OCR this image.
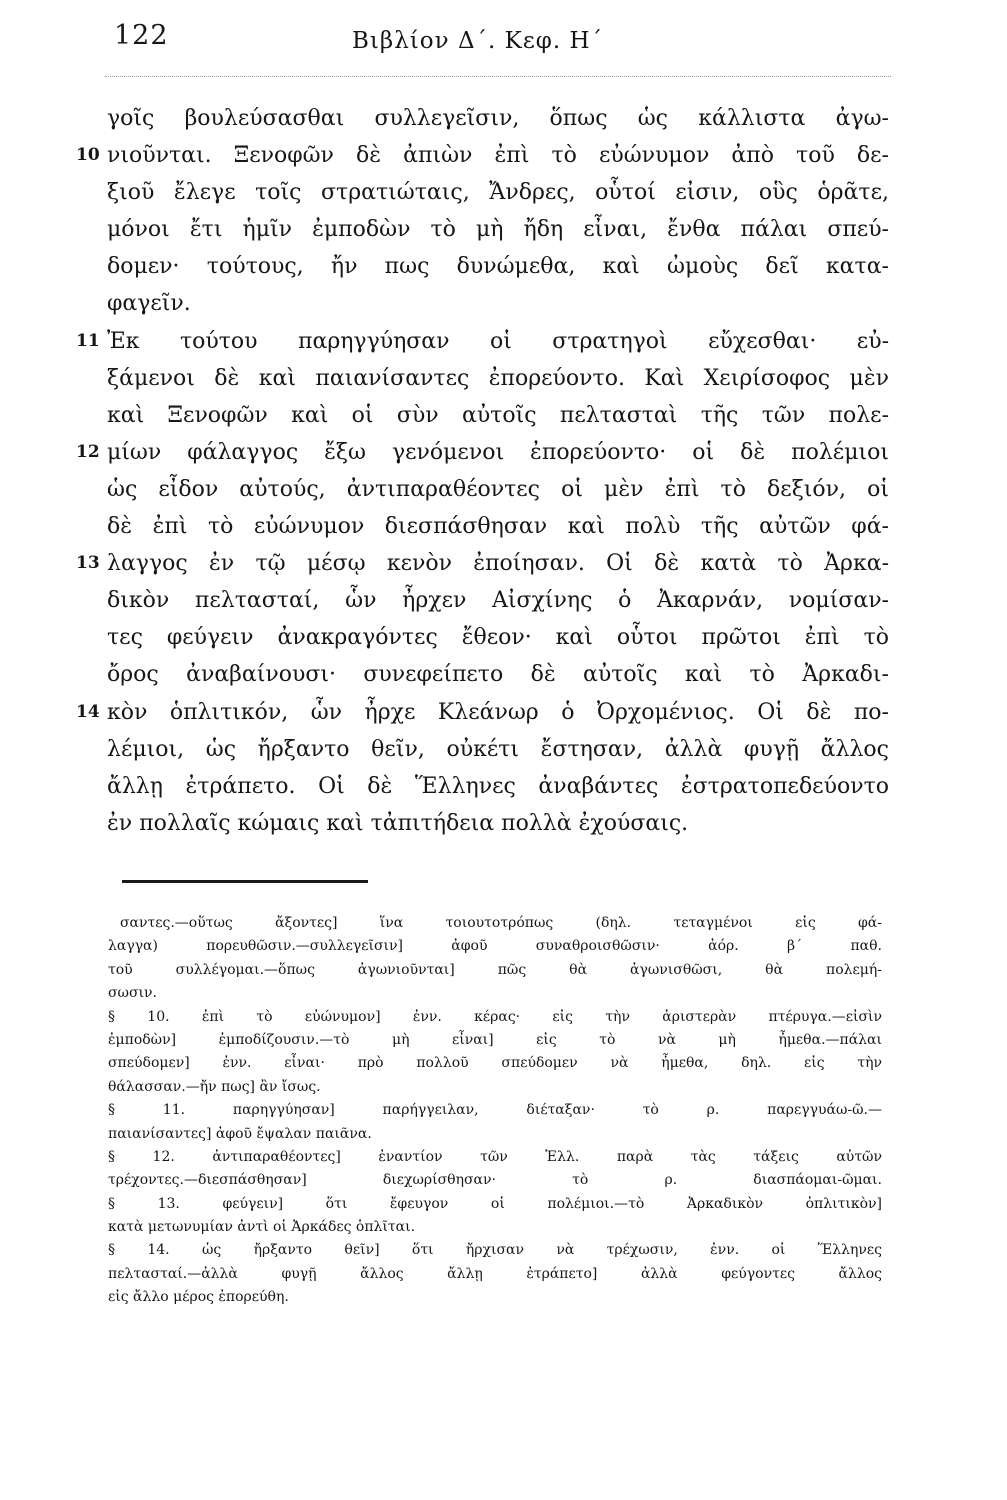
122	Βιβλίον Δ΄. Κεφ. Η΄
γοῖς βουλεύσασθαι συλλεγεῖσιν, ὅπως ὡς κάλλιστα ἀγω-
10 νιοῦνται. Ξενοφῶν δὲ ἀπιὼν ἐπὶ τὸ εὐώνυμον ἀπὸ τοῦ δε-
ξιοῦ ἔλεγε τοῖς στρατιώταις, Ἄνδρες, οὗτοί εἰσιν, οὓς ὁρᾶτε,
μόνοι ἔτι ἡμῖν ἐμποδὼν τὸ μὴ ἤδη εἶναι, ἔνθα πάλαι σπεύ-
δομεν· τούτους, ἤν πως δυνώμεθα, καὶ ὠμοὺς δεῖ κατα-
φαγεῖν.
11 Ἐκ τούτου παρηγγύησαν οἱ στρατηγοὶ εὔχεσθαι· εὐ-
ξάμενοι δὲ καὶ παιανίσαντες ἐπορεύοντο. Καὶ Χειρίσοφος μὲν
καὶ Ξενοφῶν καὶ οἱ σὺν αὐτοῖς πελτασταὶ τῆς τῶν πολε-
12 μίων φάλαγγος ἔξω γενόμενοι ἐπορεύοντο· οἱ δὲ πολέμιοι
ὡς εἶδον αὐτούς, ἀντιπαραθέοντες οἱ μὲν ἐπὶ τὸ δεξιόν, οἱ
δὲ ἐπὶ τὸ εὐώνυμον διεσπάσθησαν καὶ πολὺ τῆς αὐτῶν φά-
13 λαγγος ἐν τῷ μέσῳ κενὸν ἐποίησαν. Οἱ δὲ κατὰ τὸ Ἀρκα-
δικὸν πελτασταί, ὧν ἦρχεν Αἰσχίνης ὁ Ἀκαρνάν, νομίσαν-
τες φεύγειν ἀνακραγόντες ἔθεον· καὶ οὗτοι πρῶτοι ἐπὶ τὸ
ὄρος ἀναβαίνουσι· συνεφείπετο δὲ αὐτοῖς καὶ τὸ Ἀρκαδι-
14 κὸν ὁπλιτικόν, ὧν ἦρχε Κλεάνωρ ὁ Ὀρχομένιος. Οἱ δὲ πο-
λέμιοι, ὡς ἤρξαντο θεῖν, οὐκέτι ἔστησαν, ἀλλὰ φυγῇ ἄλλος
ἄλλῃ ἐτράπετο. Οἱ δὲ Ἕλληνες ἀναβάντες ἐστρατοπεδεύοντο
ἐν πολλαῖς κώμαις καὶ τἀπιτήδεια πολλὰ ἐχούσαις.
σαντες.—οὕτως ἄξοντες] ἵνα τοιουτοτρόπως (δηλ. τεταγμένοι εἰς φά-
λαγγα) πορευθῶσιν.—συλλεγεῖσιν] ἀφοῦ συναθροισθῶσιν· ἀόρ. β΄ παθ.
τοῦ συλλέγομαι.—ὅπως ἀγωνιοῦνται] πῶς θὰ ἀγωνισθῶσι, θὰ πολεμή-
σωσιν.
§ 10. ἐπὶ τὸ εὐώνυμον] ἐνν. κέρας· εἰς τὴν ἀριστερὰν πτέρυγα.—εἰσὶν
ἐμποδὼν] ἐμποδίζουσιν.—τὸ μὴ εἶναι] εἰς τὸ νὰ μὴ ἦμεθα.—πάλαι
σπεύδομεν] ἐνν. εἶναι· πρὸ πολλοῦ σπεύδομεν νὰ ἦμεθα, δηλ. εἰς τὴν
θάλασσαν.—ἤν πως] ἂν ἴσως.
§ 11. παρηγγύησαν] παρήγγειλαν, διέταξαν· τὸ ρ. παρεγγυάω-ῶ.—
παιανίσαντες] ἀφοῦ ἔψαλαν παιᾶνα.
§ 12. ἀντιπαραθέοντες] ἐναντίον τῶν Ἑλλ. παρὰ τὰς τάξεις αὐτῶν
τρέχοντες.—διεσπάσθησαν] διεχωρίσθησαν· τὸ ρ. διασπάομαι-ῶμαι.
§ 13. φεύγειν] ὅτι ἔφευγον οἱ πολέμιοι.—τὸ Ἀρκαδικὸν ὁπλιτικὸν]
κατὰ μετωνυμίαν ἀντὶ οἱ Ἀρκάδες ὁπλῖται.
§ 14. ὡς ἤρξαντο θεῖν] ὅτι ἤρχισαν νὰ τρέχωσιν, ἐνν. οἱ Ἕλληνες
πελτασταί.—ἀλλὰ φυγῇ ἄλλος ἄλλῃ ἐτράπετο] ἀλλὰ φεύγοντες ἄλλος
εἰς ἄλλο μέρος ἐπορεύθη.
